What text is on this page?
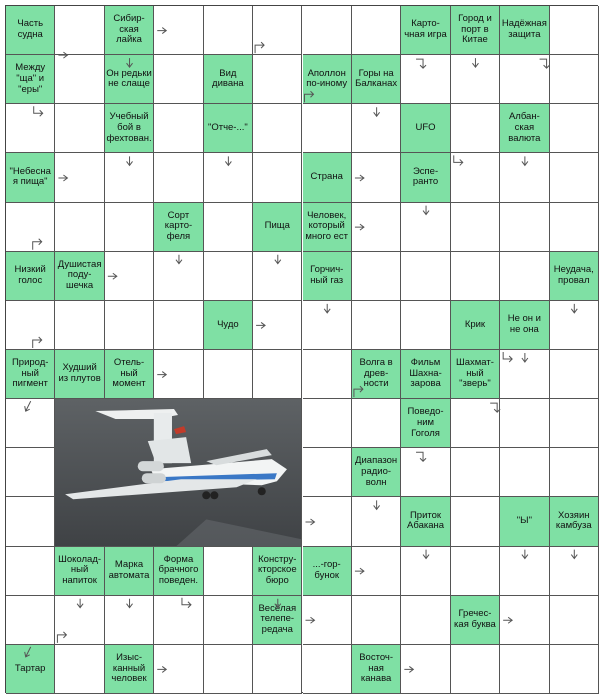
Часть судна
Сибир-ская лайка
Карто-чная игра
Город и порт в Китае
Надёжная защита
Между "ща" и "еры"
Он редьки не слаще
Вид дивана
Аполлон по-иному
Горы на Балканах
Учебный бой в фехтован.
"Отче-..."	UFO
Албан-ская валюта
"Небесная пища"	Страна	Эспе-ранто
Сорт карто-феля
Пища
Человек, который много ест
Низкий голос
Душистая поду-шечка
Горчич-ный газ
Неудача, провал
Чудо	Крик	Не он и не она
Природ-ный пигмент
Худший из плутов
Отель-ный момент
Волга в древ-ности
Фильм Шахна-зарова
Шахмат-ный "зверь"
Поведо-ним Гоголя
Диапазон радио-волн
Приток Абакана	"Ы"	Хозяин камбуза
Шоколад-ный напиток
Марка автомата
Форма брачного поведен.
Констру-кторское бюро
...-гор-бунок
Весёлая телепе-редача
Гречес-кая буква
Тартар
Изыс-канный человек
Восточ-ная канава
